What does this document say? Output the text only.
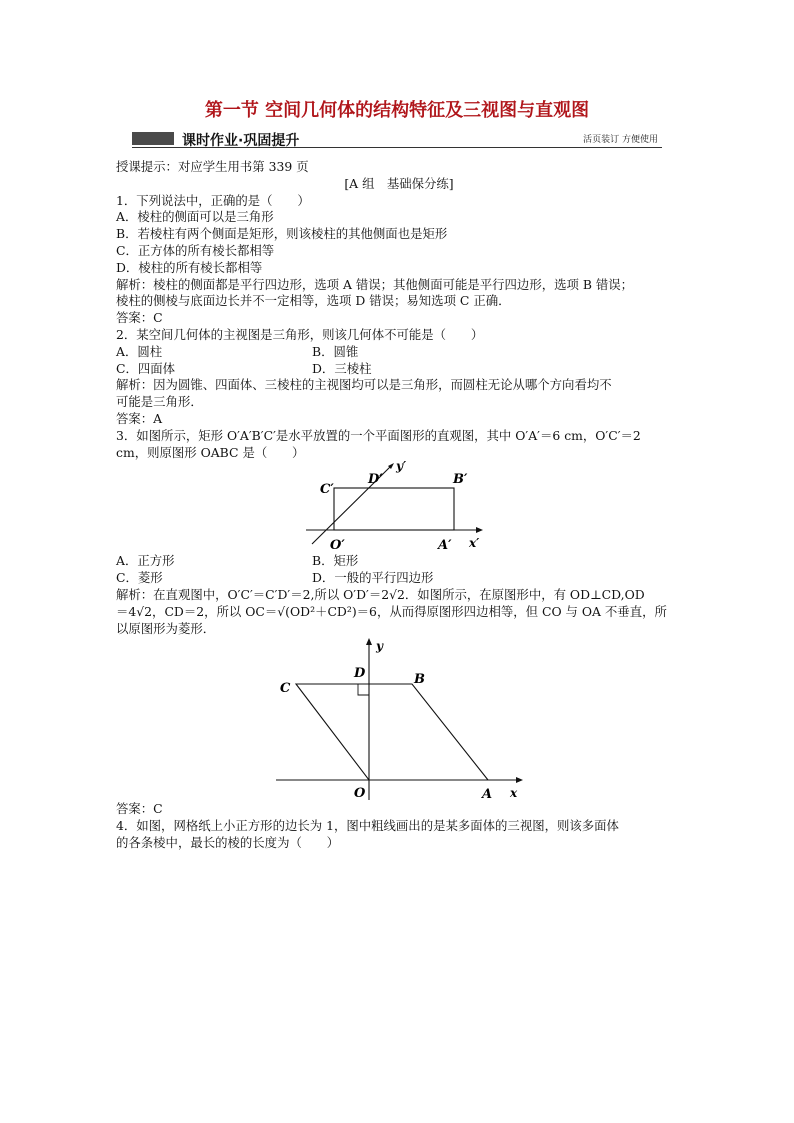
第一节 空间几何体的结构特征及三视图与直观图
课时作业·巩固提升	活页装订 方便使用

授课提示：对应学生用书第 339 页

[A 组　基础保分练]

1．下列说法中，正确的是（　　）

A．棱柱的侧面可以是三角形

B．若棱柱有两个侧面是矩形，则该棱柱的其他侧面也是矩形

C．正方体的所有棱长都相等

D．棱柱的所有棱长都相等

解析：棱柱的侧面都是平行四边形，选项 A 错误；其他侧面可能是平行四边形，选项 B 错误；

棱柱的侧棱与底面边长并不一定相等，选项 D 错误；易知选项 C 正确．

答案：C

2．某空间几何体的主视图是三角形，则该几何体不可能是（　　）

A．圆柱	B．圆锥

C．四面体	D．三棱柱

解析：因为圆锥、四面体、三棱柱的主视图均可以是三角形，而圆柱无论从哪个方向看均不

可能是三角形．

答案：A

3．如图所示，矩形 O′A′B′C′是水平放置的一个平面图形的直观图，其中 O′A′＝6 cm，O′C′＝2

cm，则原图形 OABC 是（　　）

C′
D′	B′
O′	A′ x′
y′

A．正方形	B．矩形

C．菱形	D．一般的平行四边形

解析：在直观图中，O′C′＝C′D′＝2,所以 O′D′＝2√2．如图所示，在原图形中，有 OD⊥CD,OD

＝4√2，CD＝2，所以 OC＝√(OD²＋CD²)＝6，从而得原图形四边相等，但 CO 与 OA 不垂直，所

以原图形为菱形．

C
D	B
O	A x
y

答案：C

4．如图，网格纸上小正方形的边长为 1，图中粗线画出的是某多面体的三视图，则该多面体

的各条棱中，最长的棱的长度为（　　）
